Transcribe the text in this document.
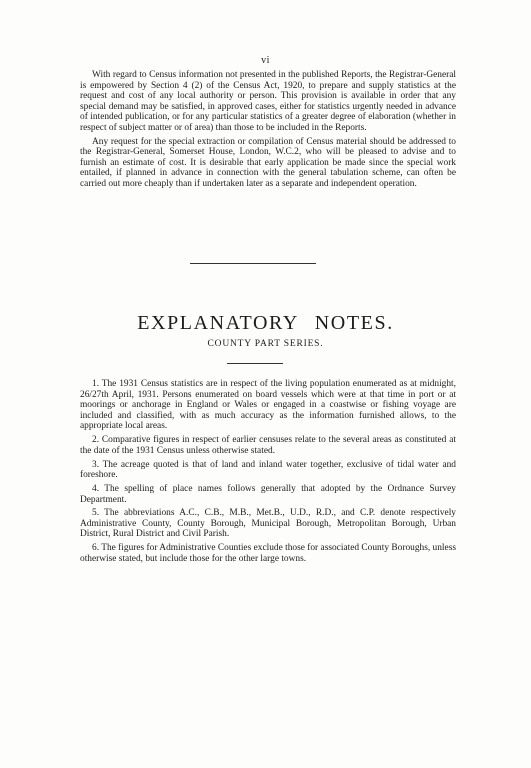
vi

With regard to Census information not presented in the published Reports, the Registrar-General is empowered by Section 4 (2) of the Census Act, 1920, to prepare and supply statistics at the request and cost of any local authority or person. This provision is available in order that any special demand may be satisfied, in approved cases, either for statistics urgently needed in advance of intended publication, or for any particular statistics of a greater degree of elaboration (whether in respect of subject matter or of area) than those to be included in the Reports.

Any request for the special extraction or compilation of Census material should be addressed to the Registrar-General, Somerset House, London, W.C.2, who will be pleased to advise and to furnish an estimate of cost. It is desirable that early application be made since the special work entailed, if planned in advance in connection with the general tabulation scheme, can often be carried out more cheaply than if undertaken later as a separate and independent operation.

EXPLANATORY NOTES.
COUNTY PART SERIES.

1. The 1931 Census statistics are in respect of the living population enumerated as at midnight, 26/27th April, 1931. Persons enumerated on board vessels which were at that time in port or at moorings or anchorage in England or Wales or engaged in a coastwise or fishing voyage are included and classified, with as much accuracy as the information furnished allows, to the appropriate local areas.

2. Comparative figures in respect of earlier censuses relate to the several areas as constituted at the date of the 1931 Census unless otherwise stated.

3. The acreage quoted is that of land and inland water together, exclusive of tidal water and foreshore.

4. The spelling of place names follows generally that adopted by the Ordnance Survey Department.

5. The abbreviations A.C., C.B., M.B., Met.B., U.D., R.D., and C.P. denote respectively Administrative County, County Borough, Municipal Borough, Metropolitan Borough, Urban District, Rural District and Civil Parish.

6. The figures for Administrative Counties exclude those for associated County Boroughs, unless otherwise stated, but include those for the other large towns.
